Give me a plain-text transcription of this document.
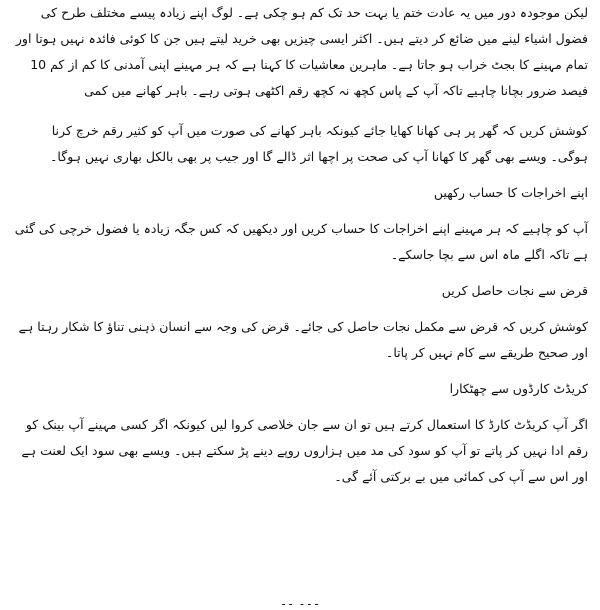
لیکن موجودہ دور میں یہ عادت ختم یا بہت حد تک کم ہو چکی ہے۔ لوگ اپنے زیادہ پیسے مختلف طرح کی فضول اشیاء لینے میں ضائع کر دیتے ہیں۔ اکثر ایسی چیزیں بھی خرید لیتے ہیں جن کا کوئی فائدہ نہیں ہوتا اور تمام مہینے کا بجٹ خراب ہو جاتا ہے۔ ماہرین معاشیات کا کہنا ہے کہ ہر مہینے اپنی آمدنی کا کم از کم 10 فیصد ضرور بچانا چاہیے تاکہ آپ کے پاس کچھ نہ کچھ رقم اکٹھی ہوتی رہے۔ باہر کھانے میں کمی

کوشش کریں کہ گھر پر ہی کھانا کھایا جائے کیونکہ باہر کھانے کی صورت میں آپ کو کثیر رقم خرچ کرنا ہوگی۔ ویسے بھی گھر کا کھانا آپ کی صحت پر اچھا اثر ڈالے گا اور جیب پر بھی بالکل بھاری نہیں ہوگا۔

اپنے اخراجات کا حساب رکھیں

آپ کو چاہیے کہ ہر مہینے اپنے اخراجات کا حساب کریں اور دیکھیں کہ کس جگہ زیادہ یا فضول خرچی کی گئی ہے تاکہ اگلے ماہ اس سے بچا جاسکے۔

قرض سے نجات حاصل کریں

کوشش کریں کہ قرض سے مکمل نجات حاصل کی جائے۔ قرض کی وجہ سے انسان ذہنی تناؤ کا شکار رہتا ہے اور صحیح طریقے سے کام نہیں کر پاتا۔

کریڈٹ کارڈوں سے چھٹکارا

اگر آپ کریڈٹ کارڈ کا استعمال کرتے ہیں تو ان سے جان خلاصی کروا لیں کیونکہ اگر کسی مہینے آپ بینک کو رقم ادا نہیں کر پاتے تو آپ کو سود کی مد میں ہزاروں روپے دینے پڑ سکتے ہیں۔ ویسے بھی سود ایک لعنت ہے اور اس سے آپ کی کمائی میں بے برکتی آئے گی۔

۔۔۔ ۔۔
